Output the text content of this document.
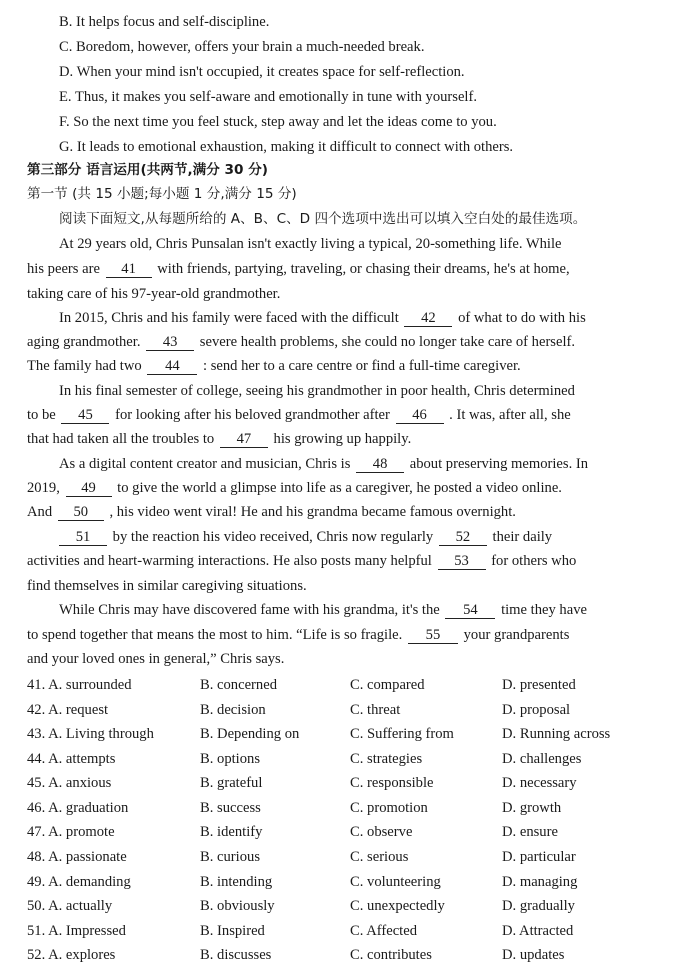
B. It helps focus and self-discipline.
C. Boredom, however, offers your brain a much-needed break.
D. When your mind isn't occupied, it creates space for self-reflection.
E. Thus, it makes you self-aware and emotionally in tune with yourself.
F. So the next time you feel stuck, step away and let the ideas come to you.
G. It leads to emotional exhaustion, making it difficult to connect with others.
第三部分 语言运用(共两节,满分 30 分)
第一节 (共 15 小题;每小题 1 分,满分 15 分)
阅读下面短文,从每题所给的 A、B、C、D 四个选项中选出可以填入空白处的最佳选项。
At 29 years old, Chris Punsalan isn't exactly living a typical, 20-something life. While
his peers are 41 with friends, partying, traveling, or chasing their dreams, he's at home,
taking care of his 97-year-old grandmother.
In 2015, Chris and his family were faced with the difficult 42 of what to do with his
aging grandmother. 43 severe health problems, she could no longer take care of herself.
The family had two 44 : send her to a care centre or find a full-time caregiver.
In his final semester of college, seeing his grandmother in poor health, Chris determined
to be 45 for looking after his beloved grandmother after 46 . It was, after all, she
that had taken all the troubles to 47 his growing up happily.
As a digital content creator and musician, Chris is 48 about preserving memories. In
2019, 49 to give the world a glimpse into life as a caregiver, he posted a video online.
And 50 , his video went viral! He and his grandma became famous overnight.
51 by the reaction his video received, Chris now regularly 52 their daily
activities and heart-warming interactions. He also posts many helpful 53 for others who
find themselves in similar caregiving situations.
While Chris may have discovered fame with his grandma, it's the 54 time they have
to spend together that means the most to him. “Life is so fragile. 55 your grandparents
and your loved ones in general,” Chris says.
41. A. surrounded	B. concerned	C. compared	D. presented
42. A. request	B. decision	C. threat	D. proposal
43. A. Living through	B. Depending on	C. Suffering from	D. Running across
44. A. attempts	B. options	C. strategies	D. challenges
45. A. anxious	B. grateful	C. responsible	D. necessary
46. A. graduation	B. success	C. promotion	D. growth
47. A. promote	B. identify	C. observe	D. ensure
48. A. passionate	B. curious	C. serious	D. particular
49. A. demanding	B. intending	C. volunteering	D. managing
50. A. actually	B. obviously	C. unexpectedly	D. gradually
51. A. Impressed	B. Inspired	C. Affected	D. Attracted
52. A. explores	B. discusses	C. contributes	D. updates
